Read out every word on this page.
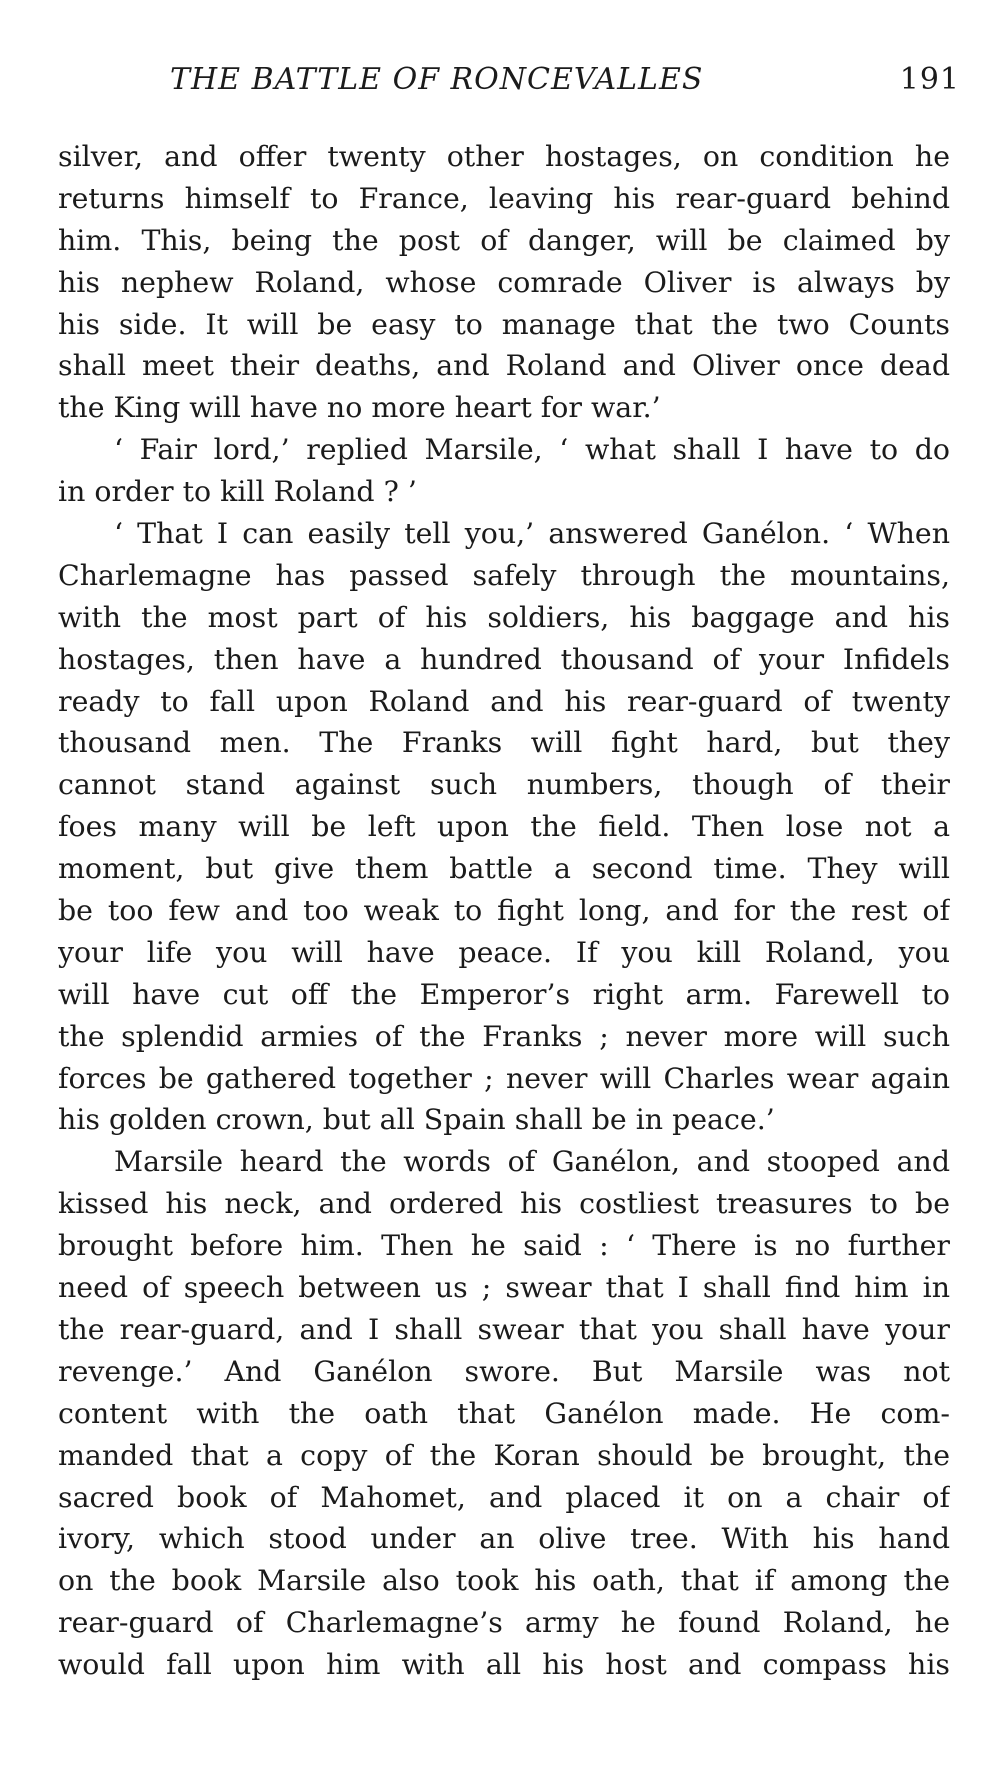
THE BATTLE OF RONCEVALLES	191

silver, and offer twenty other hostages, on condition he
returns himself to France, leaving his rear-guard behind
him. This, being the post of danger, will be claimed by
his nephew Roland, whose comrade Oliver is always by
his side. It will be easy to manage that the two Counts
shall meet their deaths, and Roland and Oliver once dead
the King will have no more heart for war.’

‘ Fair lord,’ replied Marsile, ‘ what shall I have to do
in order to kill Roland ? ’

‘ That I can easily tell you,’ answered Ganélon. ‘ When
Charlemagne has passed safely through the mountains,
with the most part of his soldiers, his baggage and his
hostages, then have a hundred thousand of your Infidels
ready to fall upon Roland and his rear-guard of twenty
thousand men. The Franks will fight hard, but they
cannot stand against such numbers, though of their
foes many will be left upon the field. Then lose not a
moment, but give them battle a second time. They will
be too few and too weak to fight long, and for the rest of
your life you will have peace. If you kill Roland, you
will have cut off the Emperor’s right arm. Farewell to
the splendid armies of the Franks ; never more will such
forces be gathered together ; never will Charles wear again
his golden crown, but all Spain shall be in peace.’

Marsile heard the words of Ganélon, and stooped and
kissed his neck, and ordered his costliest treasures to be
brought before him. Then he said : ‘ There is no further
need of speech between us ; swear that I shall find him in
the rear-guard, and I shall swear that you shall have your
revenge.’ And Ganélon swore. But Marsile was not
content with the oath that Ganélon made. He com-
manded that a copy of the Koran should be brought, the
sacred book of Mahomet, and placed it on a chair of
ivory, which stood under an olive tree. With his hand
on the book Marsile also took his oath, that if among the
rear-guard of Charlemagne’s army he found Roland, he
would fall upon him with all his host and compass his
